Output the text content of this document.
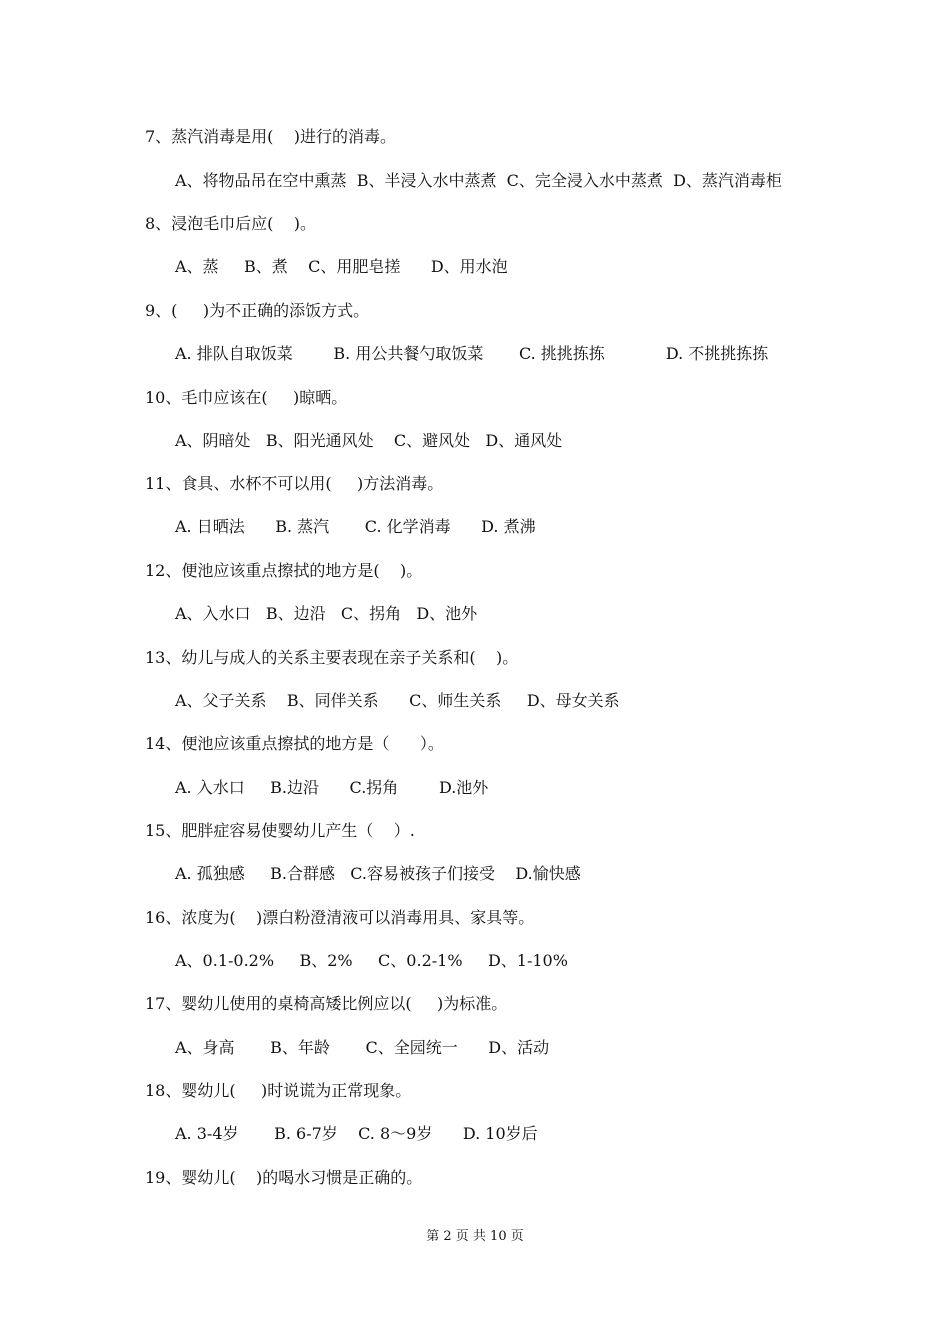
7、蒸汽消毒是用(    )进行的消毒。
A、将物品吊在空中熏蒸  B、半浸入水中蒸煮  C、完全浸入水中蒸煮  D、蒸汽消毒柜
8、浸泡毛巾后应(    )。
A、蒸     B、煮    C、用肥皂搓      D、用水泡
9、(     )为不正确的添饭方式。
A. 排队自取饭菜        B. 用公共餐勺取饭菜       C. 挑挑拣拣            D. 不挑挑拣拣
10、毛巾应该在(     )晾晒。
A、阴暗处   B、阳光通风处    C、避风处   D、通风处
11、食具、水杯不可以用(     )方法消毒。
A. 日晒法      B. 蒸汽       C. 化学消毒      D. 煮沸
12、便池应该重点擦拭的地方是(    )。
A、入水口   B、边沿   C、拐角   D、池外
13、幼儿与成人的关系主要表现在亲子关系和(    )。
A、父子关系    B、同伴关系      C、师生关系     D、母女关系
14、便池应该重点擦拭的地方是（      ）。
A. 入水口     B.边沿      C.拐角        D.池外
15、肥胖症容易使婴幼儿产生（    ）.
A. 孤独感     B.合群感   C.容易被孩子们接受    D.愉快感
16、浓度为(    )漂白粉澄清液可以消毒用具、家具等。
A、0.1-0.2%     B、2%     C、0.2-1%     D、1-10%
17、婴幼儿使用的桌椅高矮比例应以(     )为标准。
A、身高       B、年龄       C、全园统一      D、活动
18、婴幼儿(     )时说谎为正常现象。
A. 3-4岁       B. 6-7岁    C. 8～9岁      D. 10岁后
19、婴幼儿(    )的喝水习惯是正确的。
第 2 页 共 10 页
